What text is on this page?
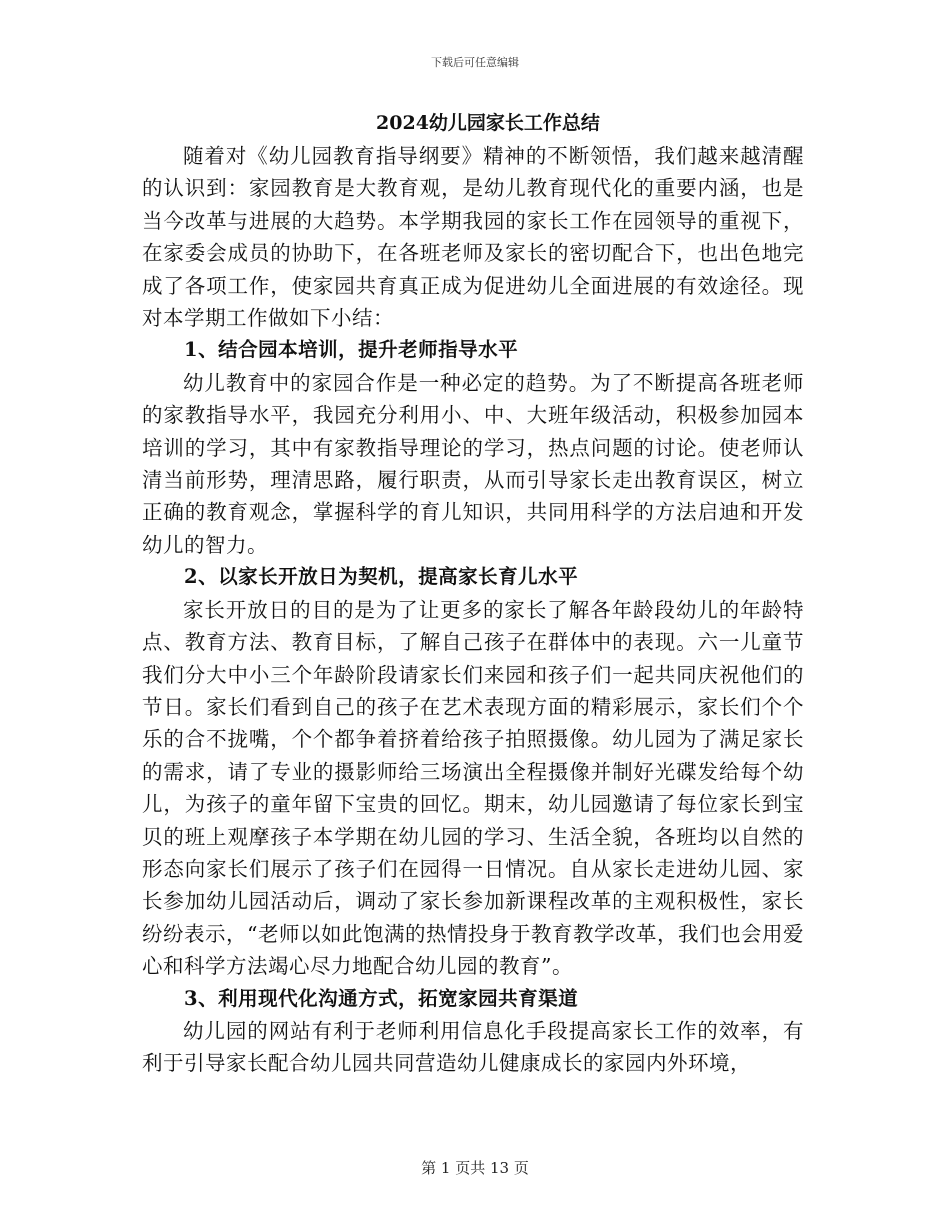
下载后可任意编辑
2024幼儿园家长工作总结

随着对《幼儿园教育指导纲要》精神的不断领悟，我们越来越清醒的认识到：家园教育是大教育观，是幼儿教育现代化的重要内涵，也是当今改革与进展的大趋势。本学期我园的家长工作在园领导的重视下，在家委会成员的协助下，在各班老师及家长的密切配合下，也出色地完成了各项工作，使家园共育真正成为促进幼儿全面进展的有效途径。现对本学期工作做如下小结：

1、结合园本培训，提升老师指导水平

幼儿教育中的家园合作是一种必定的趋势。为了不断提高各班老师的家教指导水平，我园充分利用小、中、大班年级活动，积极参加园本培训的学习，其中有家教指导理论的学习，热点问题的讨论。使老师认清当前形势，理清思路，履行职责，从而引导家长走出教育误区，树立正确的教育观念，掌握科学的育儿知识，共同用科学的方法启迪和开发幼儿的智力。

2、以家长开放日为契机，提高家长育儿水平

家长开放日的目的是为了让更多的家长了解各年龄段幼儿的年龄特点、教育方法、教育目标，了解自己孩子在群体中的表现。六一儿童节我们分大中小三个年龄阶段请家长们来园和孩子们一起共同庆祝他们的节日。家长们看到自己的孩子在艺术表现方面的精彩展示，家长们个个乐的合不拢嘴，个个都争着挤着给孩子拍照摄像。幼儿园为了满足家长的需求，请了专业的摄影师给三场演出全程摄像并制好光碟发给每个幼儿，为孩子的童年留下宝贵的回忆。期末，幼儿园邀请了每位家长到宝贝的班上观摩孩子本学期在幼儿园的学习、生活全貌，各班均以自然的形态向家长们展示了孩子们在园得一日情况。自从家长走进幼儿园、家长参加幼儿园活动后，调动了家长参加新课程改革的主观积极性，家长纷纷表示，“老师以如此饱满的热情投身于教育教学改革，我们也会用爱心和科学方法竭心尽力地配合幼儿园的教育”。

3、利用现代化沟通方式，拓宽家园共育渠道

幼儿园的网站有利于老师利用信息化手段提高家长工作的效率，有利于引导家长配合幼儿园共同营造幼儿健康成长的家园内外环境，

第 1 页共 13 页
